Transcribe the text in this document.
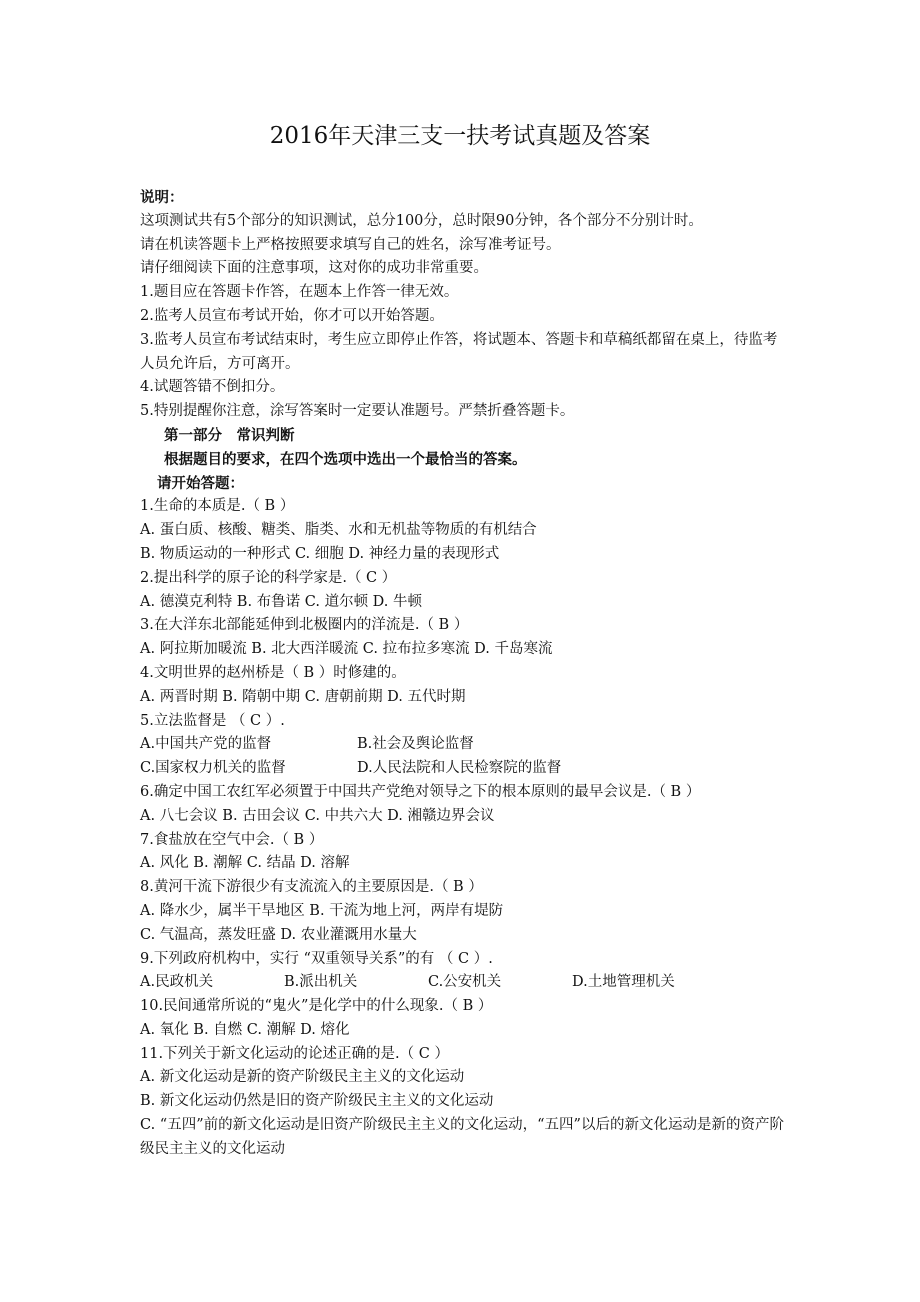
2016年天津三支一扶考试真题及答案
说明：
这项测试共有5个部分的知识测试，总分100分，总时限90分钟，各个部分不分别计时。
请在机读答题卡上严格按照要求填写自己的姓名，涂写准考证号。
请仔细阅读下面的注意事项，这对你的成功非常重要。
1.题目应在答题卡作答，在题本上作答一律无效。
2.监考人员宣布考试开始，你才可以开始答题。
3.监考人员宣布考试结束时，考生应立即停止作答，将试题本、答题卡和草稿纸都留在桌上，待监考人员允许后，方可离开。
4.试题答错不倒扣分。
5.特别提醒你注意，涂写答案时一定要认准题号。严禁折叠答题卡。
第一部分　常识判断
根据题目的要求，在四个选项中选出一个最恰当的答案。
请开始答题：
1.生命的本质是.（ B ）
A. 蛋白质、核酸、糖类、脂类、水和无机盐等物质的有机结合
B. 物质运动的一种形式 C. 细胞 D. 神经力量的表现形式
2.提出科学的原子论的科学家是.（ C ）
A. 德漠克利特 B. 布鲁诺 C. 道尔顿 D. 牛顿
3.在大洋东北部能延伸到北极圈内的洋流是.（ B ）
A. 阿拉斯加暖流 B. 北大西洋暖流 C. 拉布拉多寒流 D. 千岛寒流
4.文明世界的赵州桥是（ B ）时修建的。
A. 两晋时期 B. 隋朝中期 C. 唐朝前期 D. 五代时期
5.立法监督是 （ C ）.
A.中国共产党的监督	B.社会及舆论监督
C.国家权力机关的监督	D.人民法院和人民检察院的监督
6.确定中国工农红军必须置于中国共产党绝对领导之下的根本原则的最早会议是.（ B ）
A. 八七会议 B. 古田会议 C. 中共六大 D. 湘赣边界会议
7.食盐放在空气中会.（ B ）
A. 风化 B. 潮解 C. 结晶 D. 溶解
8.黄河干流下游很少有支流流入的主要原因是.（ B ）
A. 降水少，属半干旱地区 B. 干流为地上河，两岸有堤防
C. 气温高，蒸发旺盛 D. 农业灌溉用水量大
9.下列政府机构中，实行 “双重领导关系”的有 （ C ）.
A.民政机关	B.派出机关	C.公安机关	D.土地管理机关
10.民间通常所说的“鬼火”是化学中的什么现象.（ B ）
A. 氧化 B. 自燃 C. 潮解 D. 熔化
11.下列关于新文化运动的论述正确的是.（ C ）
A. 新文化运动是新的资产阶级民主主义的文化运动
B. 新文化运动仍然是旧的资产阶级民主主义的文化运动
C. “五四”前的新文化运动是旧资产阶级民主主义的文化运动，“五四”以后的新文化运动是新的资产阶级民主主义的文化运动
